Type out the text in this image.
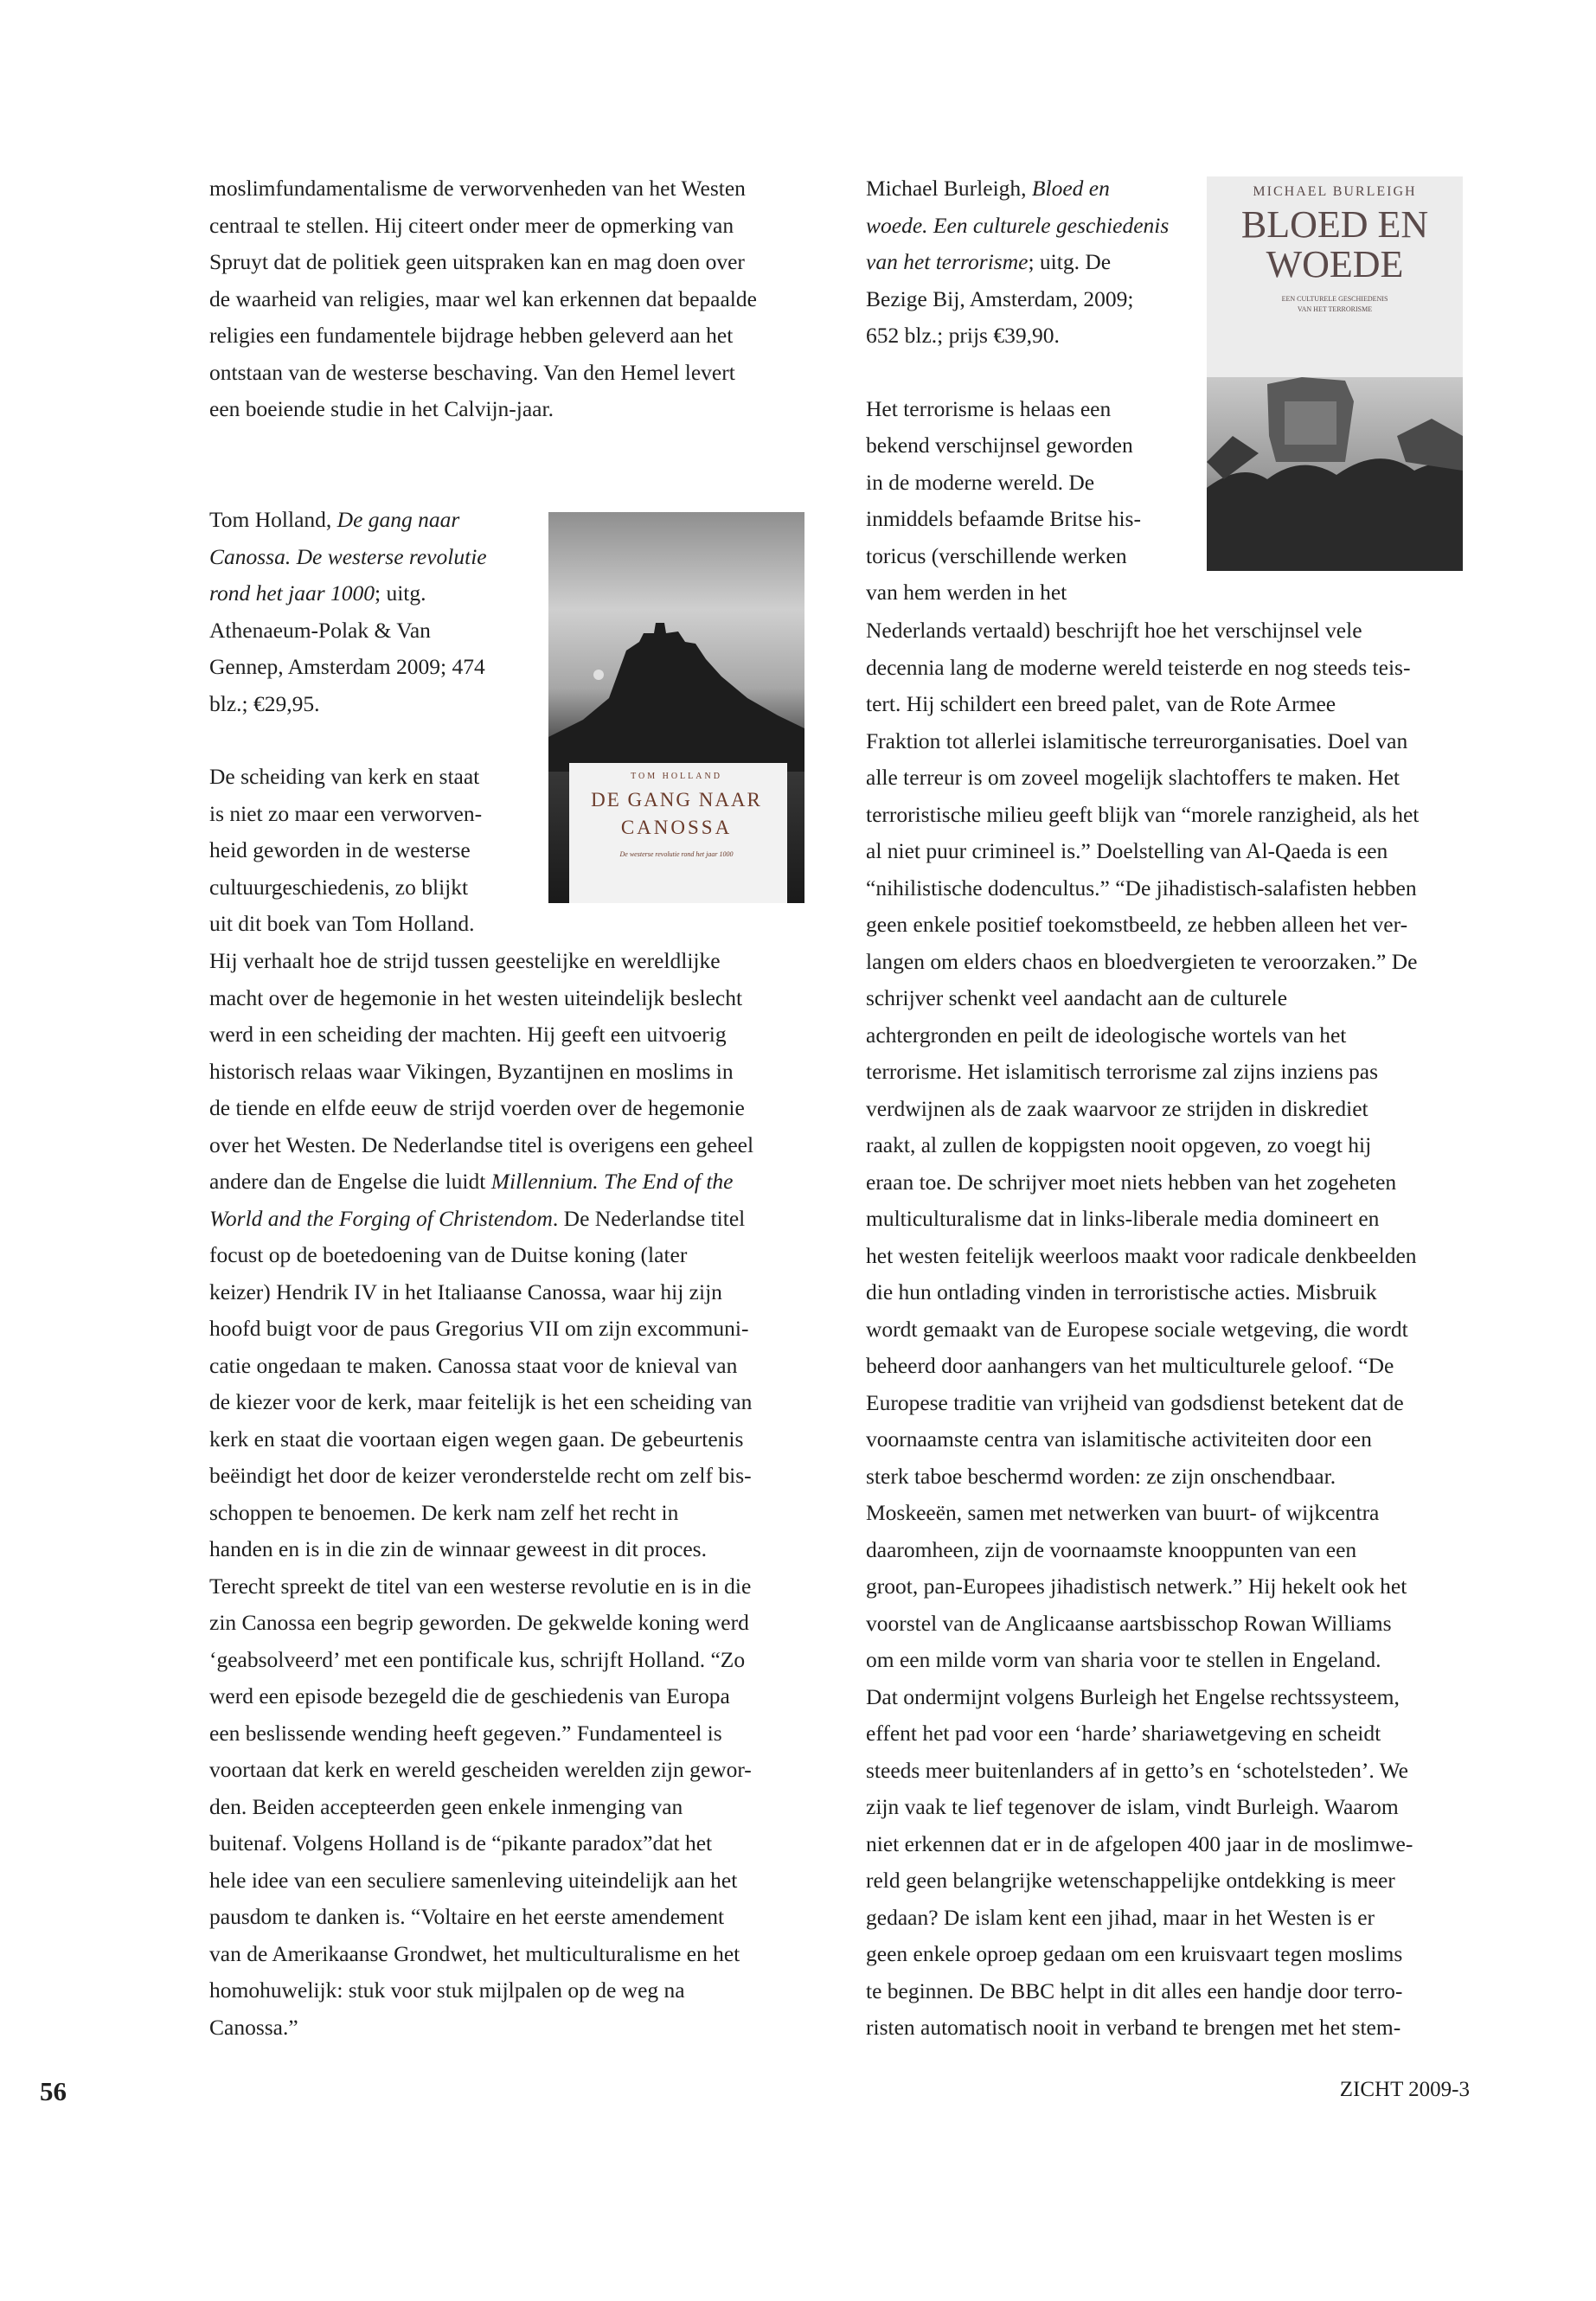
moslimfundamentalisme de verworvenheden van het Westen

centraal te stellen. Hij citeert onder meer de opmerking van

Spruyt dat de politiek geen uitspraken kan en mag doen over

de waarheid van religies, maar wel kan erkennen dat bepaalde

religies een fundamentele bijdrage hebben geleverd aan het

ontstaan van de westerse beschaving. Van den Hemel levert

een boeiende studie in het Calvijn-jaar.

Tom Holland, De gang naar

Canossa. De westerse revolutie

rond het jaar 1000; uitg.

Athenaeum-Polak & Van

Gennep, Amsterdam 2009; 474

blz.; €29,95.

De scheiding van kerk en staat

is niet zo maar een verworven-

heid geworden in de westerse

cultuurgeschiedenis, zo blijkt

uit dit boek van Tom Holland.

TOM HOLLAND
DE GANG NAAR
CANOSSA
De westerse revolutie rond het jaar 1000

Hij verhaalt hoe de strijd tussen geestelijke en wereldlijke

macht over de hegemonie in het westen uiteindelijk beslecht

werd in een scheiding der machten. Hij geeft een uitvoerig

historisch relaas waar Vikingen, Byzantijnen en moslims in

de tiende en elfde eeuw de strijd voerden over de hegemonie

over het Westen. De Nederlandse titel is overigens een geheel

andere dan de Engelse die luidt Millennium. The End of the

World and the Forging of Christendom. De Nederlandse titel

focust op de boetedoening van de Duitse koning (later

keizer) Hendrik IV in het Italiaanse Canossa, waar hij zijn

hoofd buigt voor de paus Gregorius VII om zijn excommuni-

catie ongedaan te maken. Canossa staat voor de knieval van

de kiezer voor de kerk, maar feitelijk is het een scheiding van

kerk en staat die voortaan eigen wegen gaan. De gebeurtenis

beëindigt het door de keizer veronderstelde recht om zelf bis-

schoppen te benoemen. De kerk nam zelf het recht in

handen en is in die zin de winnaar geweest in dit proces.

Terecht spreekt de titel van een westerse revolutie en is in die

zin Canossa een begrip geworden. De gekwelde koning werd

‘geabsolveerd’ met een pontificale kus, schrijft Holland. “Zo

werd een episode bezegeld die de geschiedenis van Europa

een beslissende wending heeft gegeven.” Fundamenteel is

voortaan dat kerk en wereld gescheiden werelden zijn gewor-

den. Beiden accepteerden geen enkele inmenging van

buitenaf. Volgens Holland is de “pikante paradox”dat het

hele idee van een seculiere samenleving uiteindelijk aan het

pausdom te danken is. “Voltaire en het eerste amendement

van de Amerikaanse Grondwet, het multiculturalisme en het

homohuwelijk: stuk voor stuk mijlpalen op de weg na

Canossa.”

Michael Burleigh, Bloed en

woede. Een culturele geschiedenis

van het terrorisme; uitg. De

Bezige Bij, Amsterdam, 2009;

652 blz.; prijs €39,90.

Het terrorisme is helaas een

bekend verschijnsel geworden

in de moderne wereld. De

inmiddels befaamde Britse his-

toricus (verschillende werken

van hem werden in het

MICHAEL BURLEIGH
BLOED EN
WOEDE
EEN CULTURELE GESCHIEDENIS
VAN HET TERRORISME

Nederlands vertaald) beschrijft hoe het verschijnsel vele

decennia lang de moderne wereld teisterde en nog steeds teis-

tert. Hij schildert een breed palet, van de Rote Armee

Fraktion tot allerlei islamitische terreurorganisaties. Doel van

alle terreur is om zoveel mogelijk slachtoffers te maken. Het

terroristische milieu geeft blijk van “morele ranzigheid, als het

al niet puur crimineel is.” Doelstelling van Al-Qaeda is een

“nihilistische dodencultus.” “De jihadistisch-salafisten hebben

geen enkele positief toekomstbeeld, ze hebben alleen het ver-

langen om elders chaos en bloedvergieten te veroorzaken.” De

schrijver schenkt veel aandacht aan de culturele

achtergronden en peilt de ideologische wortels van het

terrorisme. Het islamitisch terrorisme zal zijns inziens pas

verdwijnen als de zaak waarvoor ze strijden in diskrediet

raakt, al zullen de koppigsten nooit opgeven, zo voegt hij

eraan toe. De schrijver moet niets hebben van het zogeheten

multiculturalisme dat in links-liberale media domineert en

het westen feitelijk weerloos maakt voor radicale denkbeelden

die hun ontlading vinden in terroristische acties. Misbruik

wordt gemaakt van de Europese sociale wetgeving, die wordt

beheerd door aanhangers van het multiculturele geloof. “De

Europese traditie van vrijheid van godsdienst betekent dat de

voornaamste centra van islamitische activiteiten door een

sterk taboe beschermd worden: ze zijn onschendbaar.

Moskeeën, samen met netwerken van buurt- of wijkcentra

daaromheen, zijn de voornaamste knooppunten van een

groot, pan-Europees jihadistisch netwerk.” Hij hekelt ook het

voorstel van de Anglicaanse aartsbisschop Rowan Williams

om een milde vorm van sharia voor te stellen in Engeland.

Dat ondermijnt volgens Burleigh het Engelse rechtssysteem,

effent het pad voor een ‘harde’ shariawetgeving en scheidt

steeds meer buitenlanders af in getto’s en ‘schotelsteden’. We

zijn vaak te lief tegenover de islam, vindt Burleigh. Waarom

niet erkennen dat er in de afgelopen 400 jaar in de moslimwe-

reld geen belangrijke wetenschappelijke ontdekking is meer

gedaan? De islam kent een jihad, maar in het Westen is er

geen enkele oproep gedaan om een kruisvaart tegen moslims

te beginnen. De BBC helpt in dit alles een handje door terro-

risten automatisch nooit in verband te brengen met het stem-

56	ZICHT 2009-3
